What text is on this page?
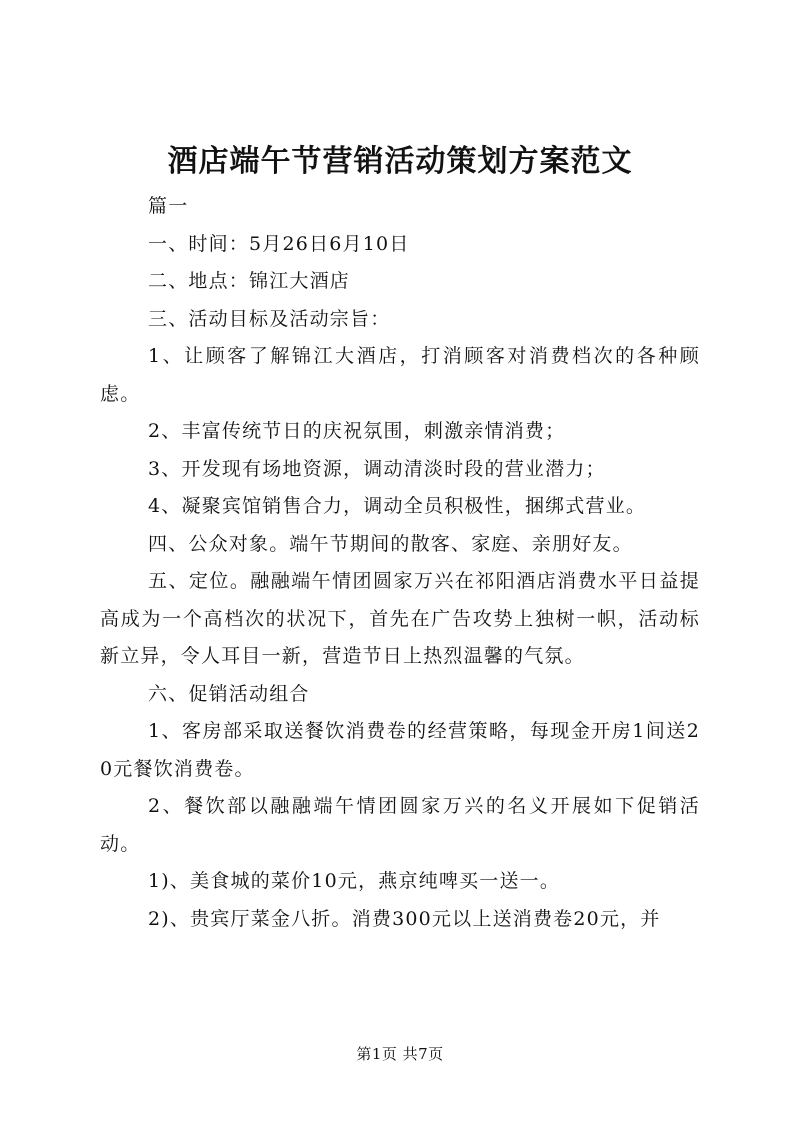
酒店端午节营销活动策划方案范文

篇一

一、时间：5月26日6月10日

二、地点：锦江大酒店

三、活动目标及活动宗旨：

1、让顾客了解锦江大酒店，打消顾客对消费档次的各种顾虑。

2、丰富传统节日的庆祝氛围，刺激亲情消费；

3、开发现有场地资源，调动清淡时段的营业潜力；

4、凝聚宾馆销售合力，调动全员积极性，捆绑式营业。

四、公众对象。端午节期间的散客、家庭、亲朋好友。

五、定位。融融端午情团圆家万兴在祁阳酒店消费水平日益提高成为一个高档次的状况下，首先在广告攻势上独树一帜，活动标新立异，令人耳目一新，营造节日上热烈温馨的气氛。

六、促销活动组合

1、客房部采取送餐饮消费卷的经营策略，每现金开房1间送20元餐饮消费卷。

2、餐饮部以融融端午情团圆家万兴的名义开展如下促销活动。

1)、美食城的菜价10元，燕京纯啤买一送一。

2)、贵宾厅菜金八折。消费300元以上送消费卷20元，并

第1页 共7页
